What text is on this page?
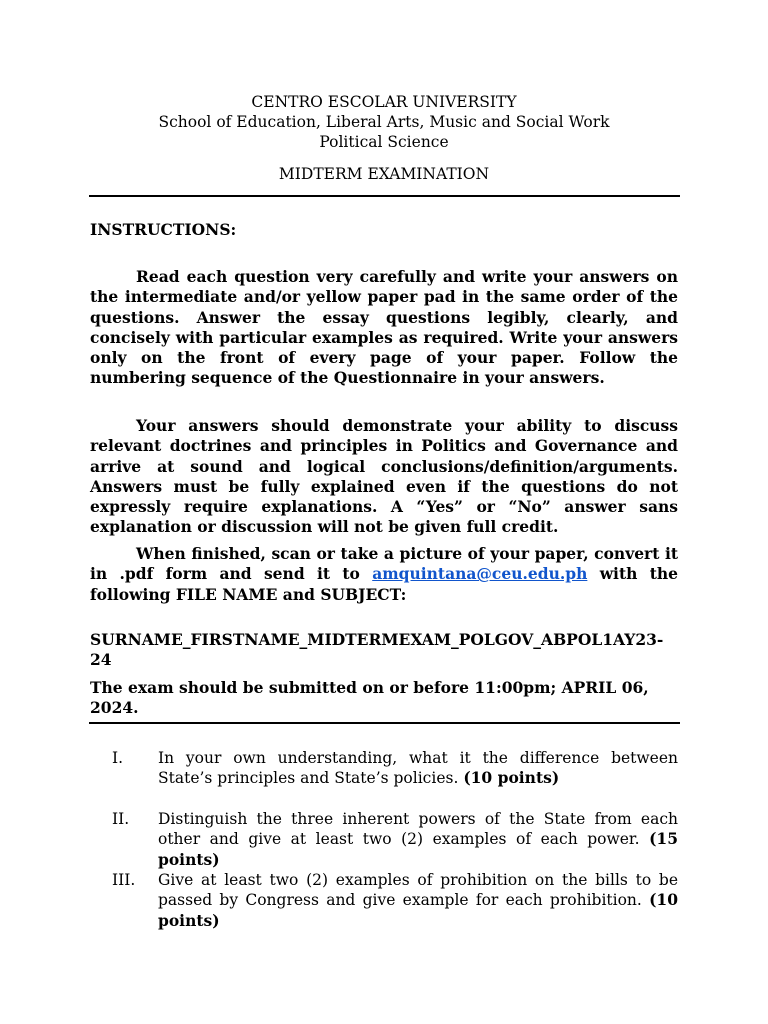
CENTRO ESCOLAR UNIVERSITY
School of Education, Liberal Arts, Music and Social Work
Political Science
MIDTERM EXAMINATION
INSTRUCTIONS:
Read each question very carefully and write your answers on the intermediate and/or yellow paper pad in the same order of the questions. Answer the essay questions legibly, clearly, and concisely with particular examples as required. Write your answers only on the front of every page of your paper. Follow the numbering sequence of the Questionnaire in your answers.
Your answers should demonstrate your ability to discuss relevant doctrines and principles in Politics and Governance and arrive at sound and logical conclusions/definition/arguments. Answers must be fully explained even if the questions do not expressly require explanations. A “Yes” or “No” answer sans explanation or discussion will not be given full credit.
When finished, scan or take a picture of your paper, convert it in .pdf form and send it to amquintana@ceu.edu.ph with the following FILE NAME and SUBJECT:
SURNAME_FIRSTNAME_MIDTERMEXAM_POLGOV_ABPOL1AY23-24
The exam should be submitted on or before 11:00pm; APRIL 06, 2024.
I.	In your own understanding, what it the difference between State’s principles and State’s policies. (10 points)
II.	Distinguish the three inherent powers of the State from each other and give at least two (2) examples of each power. (15 points)
III.	Give at least two (2) examples of prohibition on the bills to be passed by Congress and give example for each prohibition. (10 points)
